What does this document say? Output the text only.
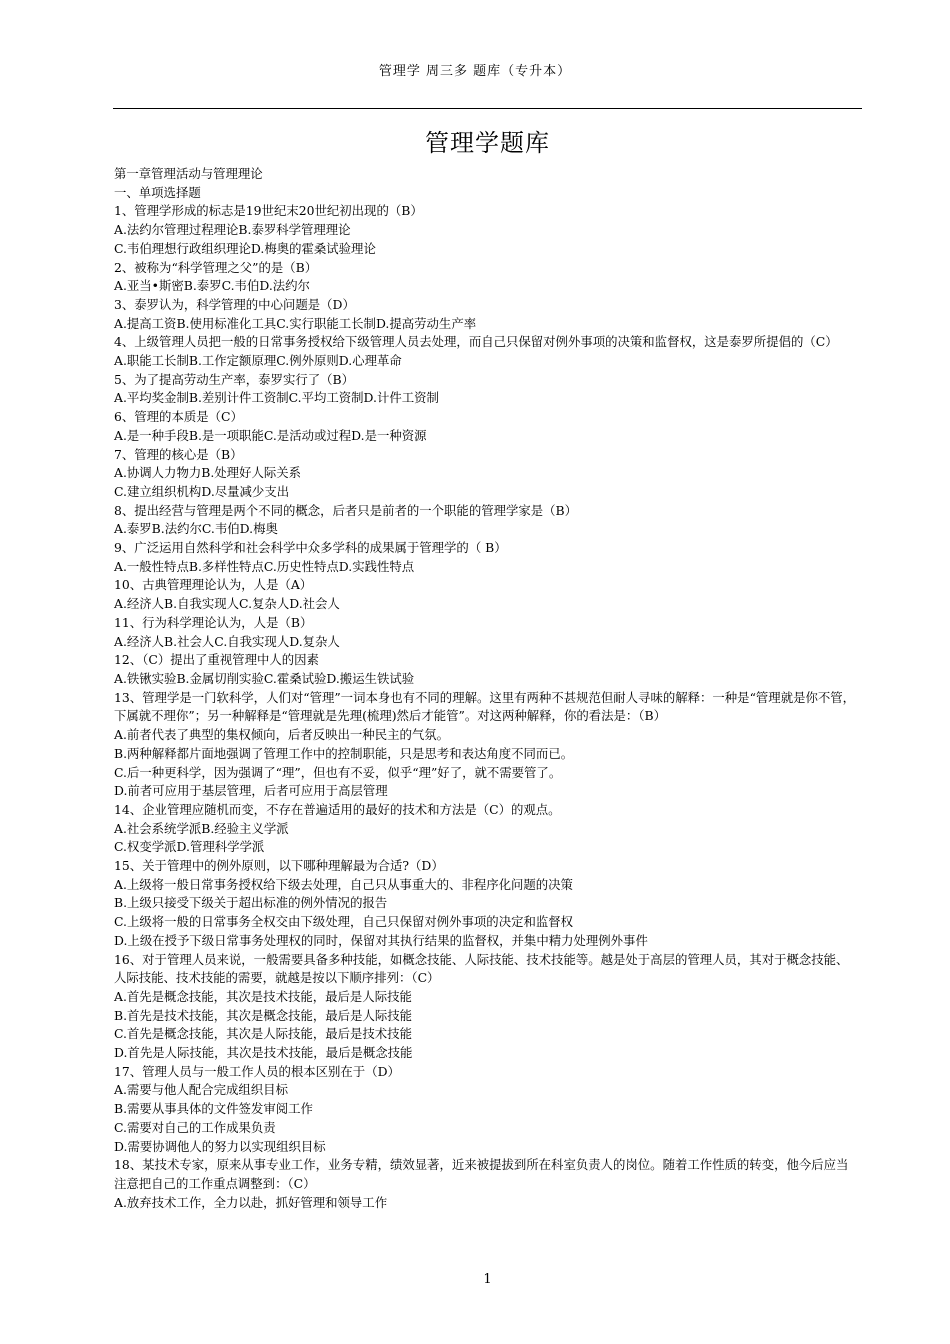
管理学 周三多 题库（专升本）
管理学题库
第一章管理活动与管理理论
一、单项选择题
1、管理学形成的标志是19世纪末20世纪初出现的（B）
A.法约尔管理过程理论B.泰罗科学管理理论
C.韦伯理想行政组织理论D.梅奥的霍桑试验理论
2、被称为“科学管理之父”的是（B）
A.亚当•斯密B.泰罗C.韦伯D.法约尔
3、泰罗认为，科学管理的中心问题是（D）
A.提高工资B.使用标准化工具C.实行职能工长制D.提高劳动生产率
4、上级管理人员把一般的日常事务授权给下级管理人员去处理，而自己只保留对例外事项的决策和监督权，这是泰罗所提倡的（C）
A.职能工长制B.工作定额原理C.例外原则D.心理革命
5、为了提高劳动生产率，泰罗实行了（B）
A.平均奖金制B.差别计件工资制C.平均工资制D.计件工资制
6、管理的本质是（C）
A.是一种手段B.是一项职能C.是活动或过程D.是一种资源
7、管理的核心是（B）
A.协调人力物力B.处理好人际关系
C.建立组织机构D.尽量减少支出
8、提出经营与管理是两个不同的概念，后者只是前者的一个职能的管理学家是（B）
A.泰罗B.法约尔C.韦伯D.梅奥
9、广泛运用自然科学和社会科学中众多学科的成果属于管理学的（ B）
A.一般性特点B.多样性特点C.历史性特点D.实践性特点
10、古典管理理论认为，人是（A）
A.经济人B.自我实现人C.复杂人D.社会人
11、行为科学理论认为，人是（B）
A.经济人B.社会人C.自我实现人D.复杂人
12、（C）提出了重视管理中人的因素
A.铁锹实验B.金属切削实验C.霍桑试验D.搬运生铁试验
13、管理学是一门软科学，人们对“管理”一词本身也有不同的理解。这里有两种不甚规范但耐人寻味的解释：一种是“管理就是你不管，下属就不理你”；另一种解释是“管理就是先理(梳理)然后才能管”。对这两种解释，你的看法是：（B）
A.前者代表了典型的集权倾向，后者反映出一种民主的气氛。
B.两种解释都片面地强调了管理工作中的控制职能，只是思考和表达角度不同而已。
C.后一种更科学，因为强调了“理”，但也有不妥，似乎“理”好了，就不需要管了。
D.前者可应用于基层管理，后者可应用于高层管理
14、企业管理应随机而变，不存在普遍适用的最好的技术和方法是（C）的观点。
A.社会系统学派B.经验主义学派
C.权变学派D.管理科学学派
15、关于管理中的例外原则，以下哪种理解最为合适?（D）
A.上级将一般日常事务授权给下级去处理，自己只从事重大的、非程序化问题的决策
B.上级只接受下级关于超出标准的例外情况的报告
C.上级将一般的日常事务全权交由下级处理，自己只保留对例外事项的决定和监督权
D.上级在授予下级日常事务处理权的同时，保留对其执行结果的监督权，并集中精力处理例外事件
16、对于管理人员来说，一般需要具备多种技能，如概念技能、人际技能、技术技能等。越是处于高层的管理人员，其对于概念技能、人际技能、技术技能的需要，就越是按以下顺序排列：（C）
A.首先是概念技能，其次是技术技能，最后是人际技能
B.首先是技术技能，其次是概念技能，最后是人际技能
C.首先是概念技能，其次是人际技能，最后是技术技能
D.首先是人际技能，其次是技术技能，最后是概念技能
17、管理人员与一般工作人员的根本区别在于（D）
A.需要与他人配合完成组织目标
B.需要从事具体的文件签发审阅工作
C.需要对自己的工作成果负责
D.需要协调他人的努力以实现组织目标
18、某技术专家，原来从事专业工作，业务专精，绩效显著，近来被提拔到所在科室负责人的岗位。随着工作性质的转变，他今后应当注意把自己的工作重点调整到：（C）
A.放弃技术工作，全力以赴，抓好管理和领导工作
1
